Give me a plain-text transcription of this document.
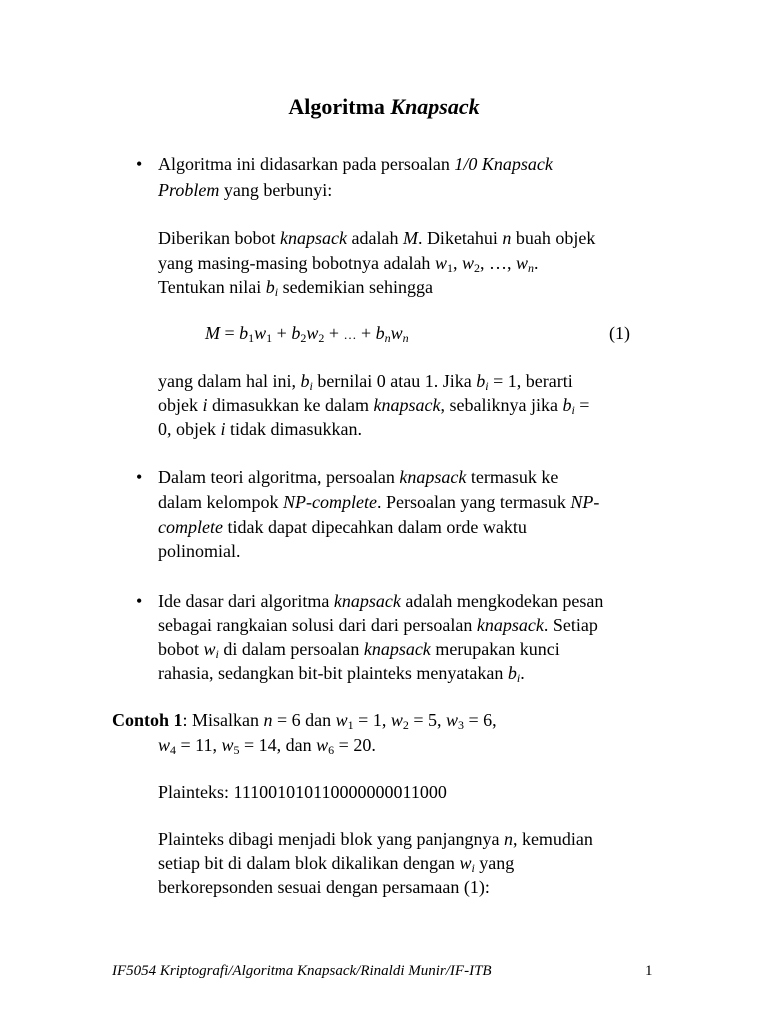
Algoritma Knapsack
• Algoritma ini didasarkan pada persoalan 1/0 Knapsack
Problem yang berbunyi:
Diberikan bobot knapsack adalah M. Diketahui n buah objek
yang masing-masing bobotnya adalah $w_1$, $w_2$, …, $w_n$.
Tentukan nilai $b_i$ sedemikian sehingga
$M = b_1w_1 + b_2w_2$ + … + $b_nw_n$	(1)
yang dalam hal ini, $b_i$ bernilai 0 atau 1. Jika $b_i = 1$, berarti
objek i dimasukkan ke dalam knapsack, sebaliknya jika $b_i$ =
0, objek i tidak dimasukkan.
• Dalam teori algoritma, persoalan knapsack termasuk ke
dalam kelompok NP-complete. Persoalan yang termasuk NP-
complete tidak dapat dipecahkan dalam orde waktu
polinomial.
• Ide dasar dari algoritma knapsack adalah mengkodekan pesan
sebagai rangkaian solusi dari dari persoalan knapsack. Setiap
bobot $w_i$ di dalam persoalan knapsack merupakan kunci
rahasia, sedangkan bit-bit plainteks menyatakan $b_i$.
Contoh 1: Misalkan n = 6 dan $w_1 = 1$, $w_2 = 5$, $w_3 = 6$,
$w_4 = 11$, $w_5 = 14$, dan $w_6 = 20$.
Plainteks: 111001010110000000011000
Plainteks dibagi menjadi blok yang panjangnya n, kemudian
setiap bit di dalam blok dikalikan dengan $w_i$ yang
berkorepsonden sesuai dengan persamaan (1):
IF5054 Kriptografi/Algoritma Knapsack/Rinaldi Munir/IF-ITB	1
